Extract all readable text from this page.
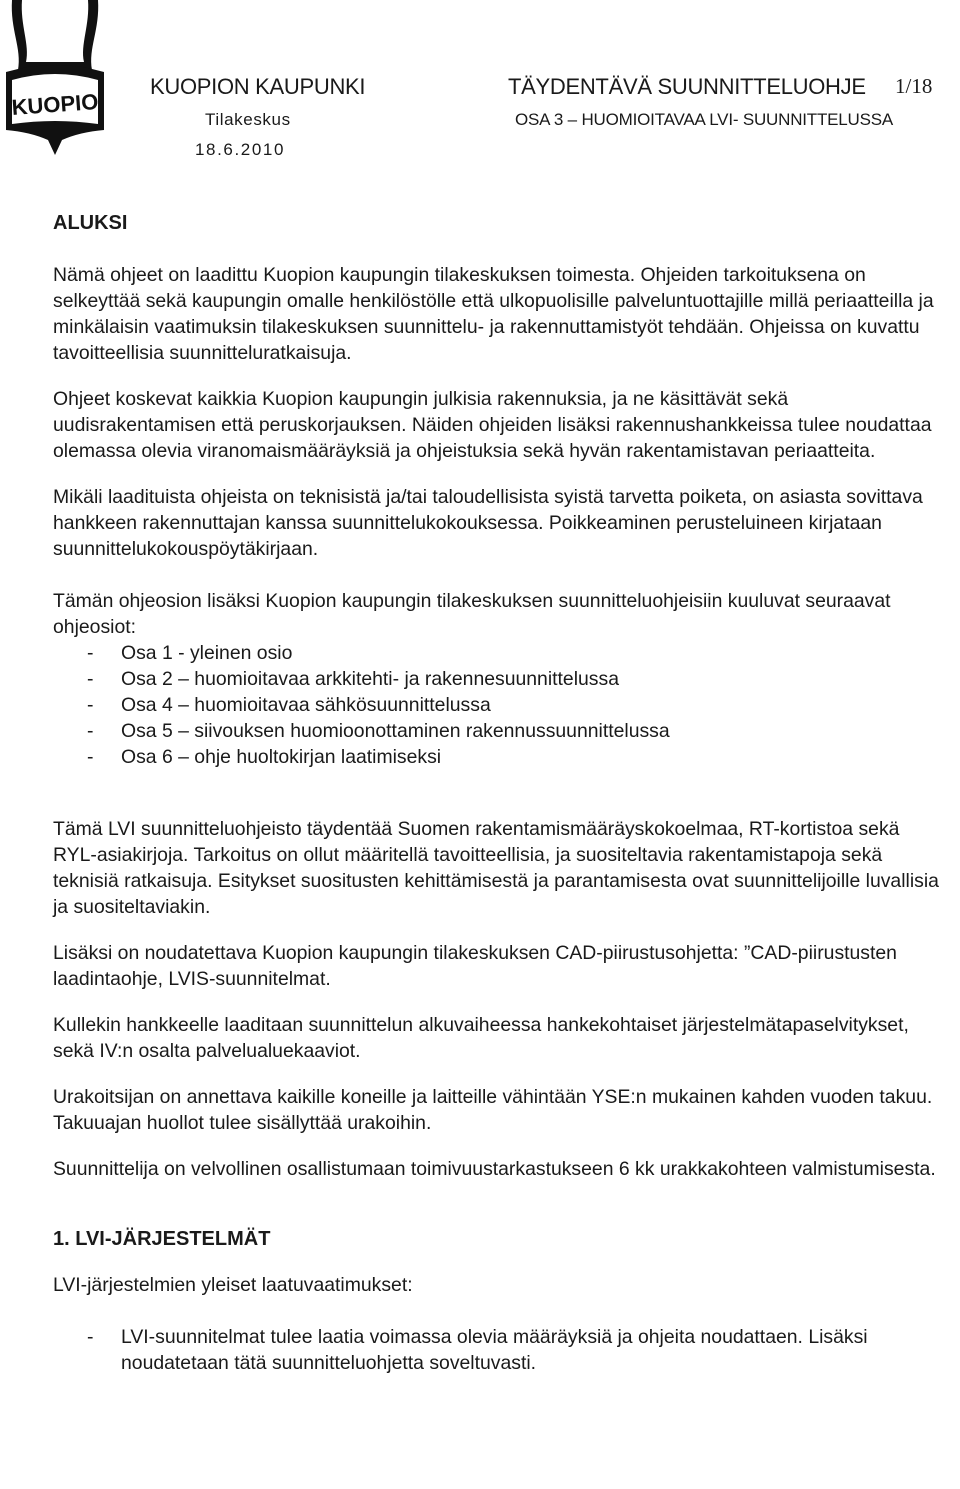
KUOPIO
KUOPION KAUPUNKI
Tilakeskus
18.6.2010
TÄYDENTÄVÄ SUUNNITTELUOHJE 1/18
OSA 3 – HUOMIOITAVAA LVI- SUUNNITTELUSSA
ALUKSI

Nämä ohjeet on laadittu Kuopion kaupungin tilakeskuksen toimesta. Ohjeiden tarkoituksena on selkeyttää sekä kaupungin omalle henkilöstölle että ulkopuolisille palveluntuottajille millä periaatteilla ja minkälaisin vaatimuksin tilakeskuksen suunnittelu- ja rakennuttamistyöt tehdään. Ohjeissa on kuvattu tavoitteellisia suunnitteluratkaisuja.

Ohjeet koskevat kaikkia Kuopion kaupungin julkisia rakennuksia, ja ne käsittävät sekä uudisrakentamisen että peruskorjauksen. Näiden ohjeiden lisäksi rakennushankkeissa tulee noudattaa olemassa olevia viranomaismääräyksiä ja ohjeistuksia sekä hyvän rakentamistavan periaatteita.

Mikäli laadituista ohjeista on teknisistä ja/tai taloudellisista syistä tarvetta poiketa, on asiasta sovittava hankkeen rakennuttajan kanssa suunnittelukokouksessa. Poikkeaminen perusteluineen kirjataan suunnittelukokouspöytäkirjaan.

Tämän ohjeosion lisäksi Kuopion kaupungin tilakeskuksen suunnitteluohjeisiin kuuluvat seuraavat ohjeosiot:

- Osa 1 - yleinen osio
- Osa 2 – huomioitavaa arkkitehti- ja rakennesuunnittelussa
- Osa 4 – huomioitavaa sähkösuunnittelussa
- Osa 5 – siivouksen huomioonottaminen rakennussuunnittelussa
- Osa 6 – ohje huoltokirjan laatimiseksi

Tämä LVI suunnitteluohjeisto täydentää Suomen rakentamismääräyskokoelmaa, RT-kortistoa sekä RYL-asiakirjoja. Tarkoitus on ollut määritellä tavoitteellisia, ja suositeltavia rakentamistapoja sekä teknisiä ratkaisuja. Esitykset suositusten kehittämisestä ja parantamisesta ovat suunnittelijoille luvallisia ja suositeltaviakin.

Lisäksi on noudatettava Kuopion kaupungin tilakeskuksen CAD-piirustusohjetta: ”CAD-piirustusten laadintaohje, LVIS-suunnitelmat.

Kullekin hankkeelle laaditaan suunnittelun alkuvaiheessa hankekohtaiset järjestelmätapaselvitykset, sekä IV:n osalta palvelualuekaaviot.

Urakoitsijan on annettava kaikille koneille ja laitteille vähintään YSE:n mukainen kahden vuoden takuu. Takuuajan huollot tulee sisällyttää urakoihin.

Suunnittelija on velvollinen osallistumaan toimivuustarkastukseen 6 kk urakkakohteen valmistumisesta.

1. LVI-JÄRJESTELMÄT

LVI-järjestelmien yleiset laatuvaatimukset:

- LVI-suunnitelmat tulee laatia voimassa olevia määräyksiä ja ohjeita noudattaen. Lisäksi noudatetaan tätä suunnitteluohjetta soveltuvasti.
